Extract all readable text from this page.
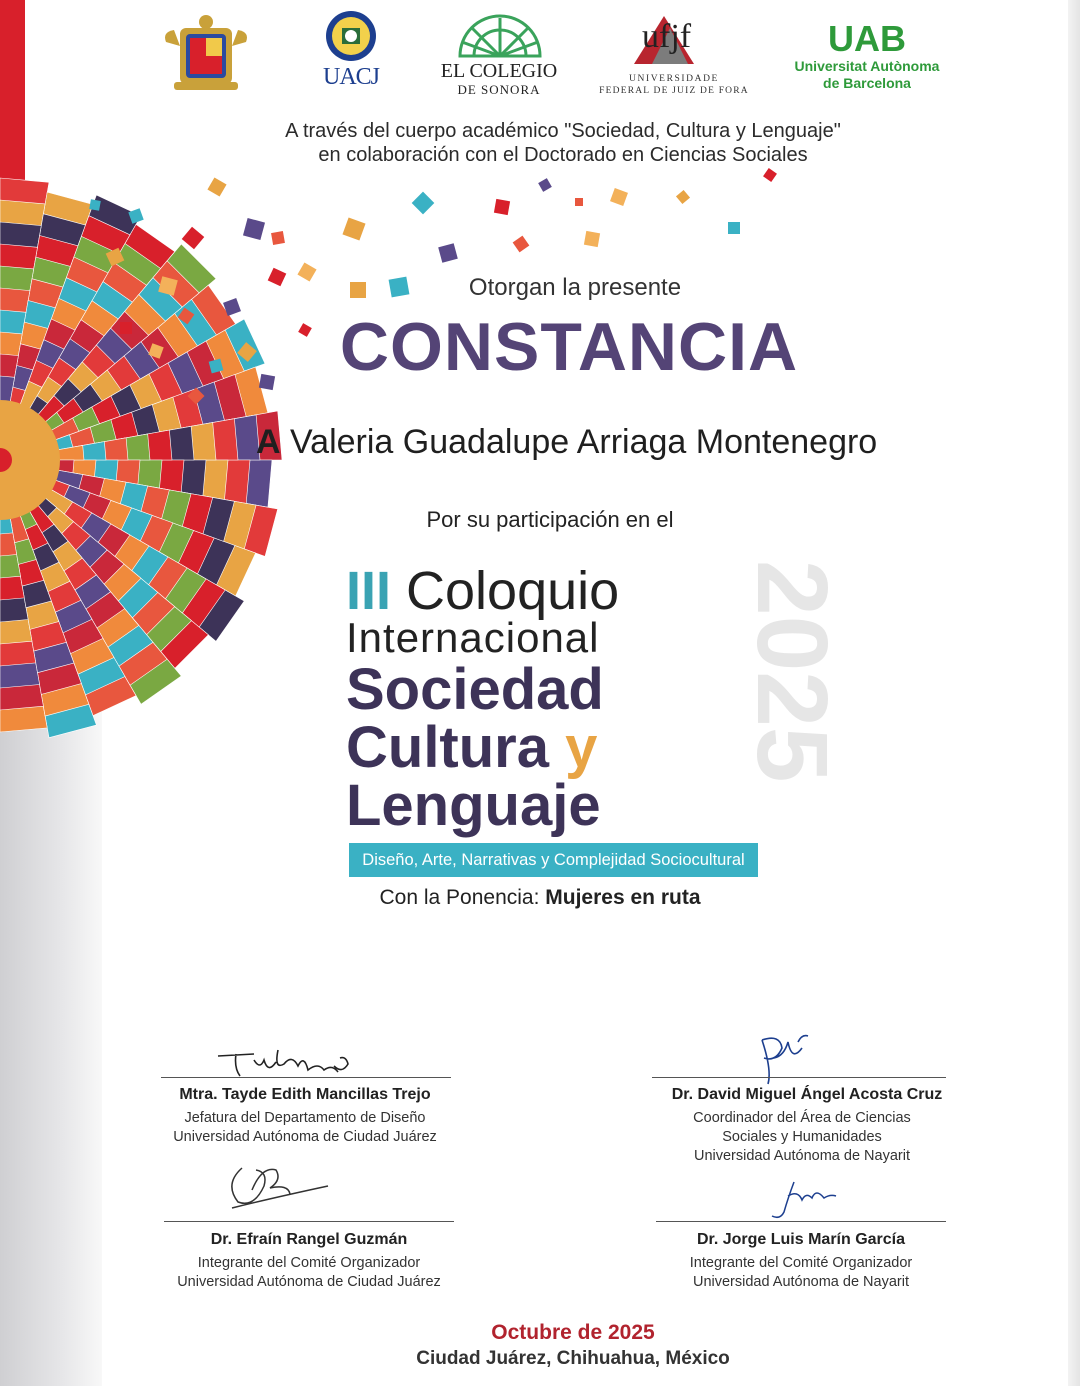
UACJ	EL COLEGIO
DE SONORA
ufjf
UNIVERSIDADE
FEDERAL DE JUIZ DE FORA
UAB
Universitat Autònoma
de Barcelona
A través del cuerpo académico "Sociedad, Cultura y Lenguaje"
en colaboración con el Doctorado en Ciencias Sociales
Otorgan la presente
CONSTANCIA
A Valeria Guadalupe Arriaga Montenegro
Por su participación en el
2025
III Coloquio
Internacional
Sociedad
Cultura y
Lenguaje
Diseño, Arte, Narrativas y Complejidad Sociocultural
Con la Ponencia: Mujeres en ruta
Mtra. Tayde Edith Mancillas Trejo
Jefatura del Departamento de Diseño
Universidad Autónoma de Ciudad Juárez
Dr. David Miguel Ángel Acosta Cruz
Coordinador del Área de Ciencias
Sociales y Humanidades
Universidad Autónoma de Nayarit
Dr. Efraín Rangel Guzmán
Integrante del Comité Organizador
Universidad Autónoma de Ciudad Juárez
Dr. Jorge Luis Marín García
Integrante del Comité Organizador
Universidad Autónoma de Nayarit
Octubre de 2025
Ciudad Juárez, Chihuahua, México
